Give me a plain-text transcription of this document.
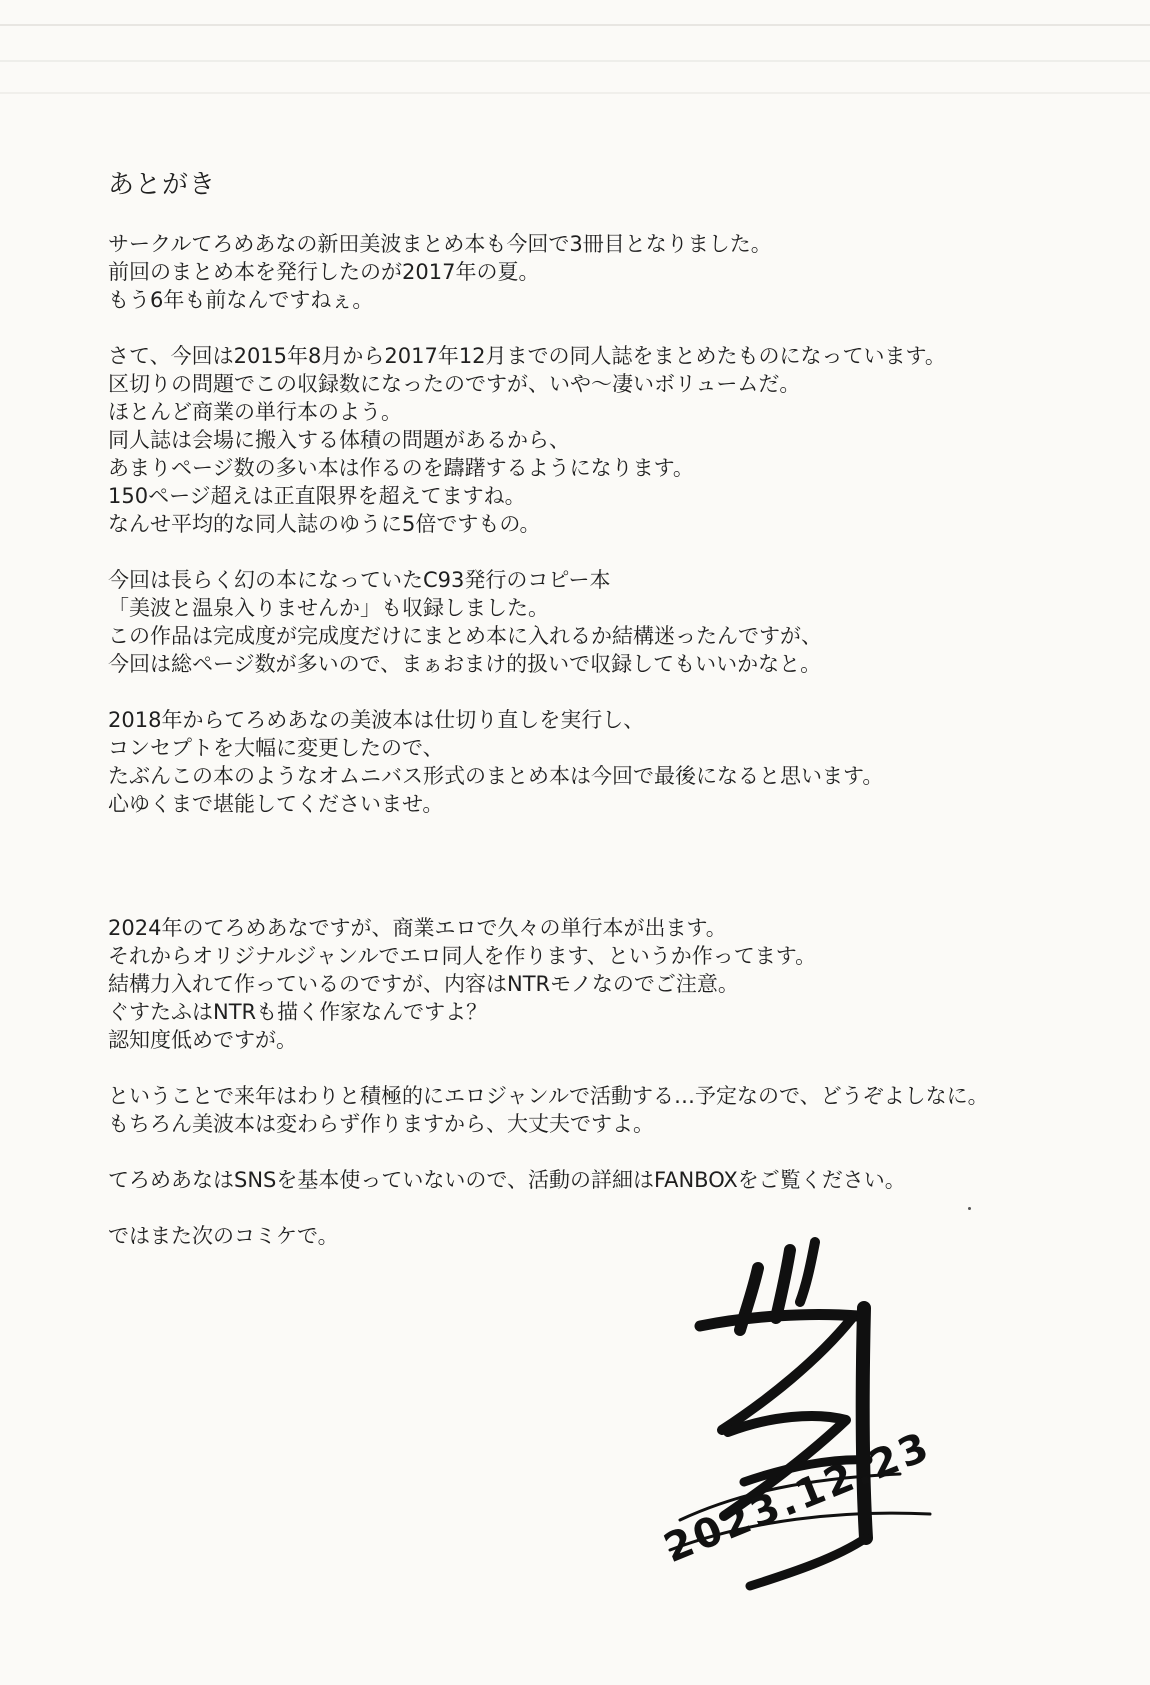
あとがき
サークルてろめあなの新田美波まとめ本も今回で3冊目となりました。
前回のまとめ本を発行したのが2017年の夏。
もう6年も前なんですねぇ。
さて、今回は2015年8月から2017年12月までの同人誌をまとめたものになっています。
区切りの問題でこの収録数になったのですが、いや〜凄いボリュームだ。
ほとんど商業の単行本のよう。
同人誌は会場に搬入する体積の問題があるから、
あまりページ数の多い本は作るのを躊躇するようになります。
150ページ超えは正直限界を超えてますね。
なんせ平均的な同人誌のゆうに5倍ですもの。
今回は長らく幻の本になっていたC93発行のコピー本
「美波と温泉入りませんか」も収録しました。
この作品は完成度が完成度だけにまとめ本に入れるか結構迷ったんですが、
今回は総ページ数が多いので、まぁおまけ的扱いで収録してもいいかなと。
2018年からてろめあなの美波本は仕切り直しを実行し、
コンセプトを大幅に変更したので、
たぶんこの本のようなオムニバス形式のまとめ本は今回で最後になると思います。
心ゆくまで堪能してくださいませ。
2024年のてろめあなですが、商業エロで久々の単行本が出ます。
それからオリジナルジャンルでエロ同人を作ります、というか作ってます。
結構力入れて作っているのですが、内容はNTRモノなのでご注意。
ぐすたふはNTRも描く作家なんですよ？
認知度低めですが。
ということで来年はわりと積極的にエロジャンルで活動する…予定なので、どうぞよしなに。
もちろん美波本は変わらず作りますから、大丈夫ですよ。
てろめあなはSNSを基本使っていないので、活動の詳細はFANBOXをご覧ください。
ではまた次のコミケで。
2023.12.23
